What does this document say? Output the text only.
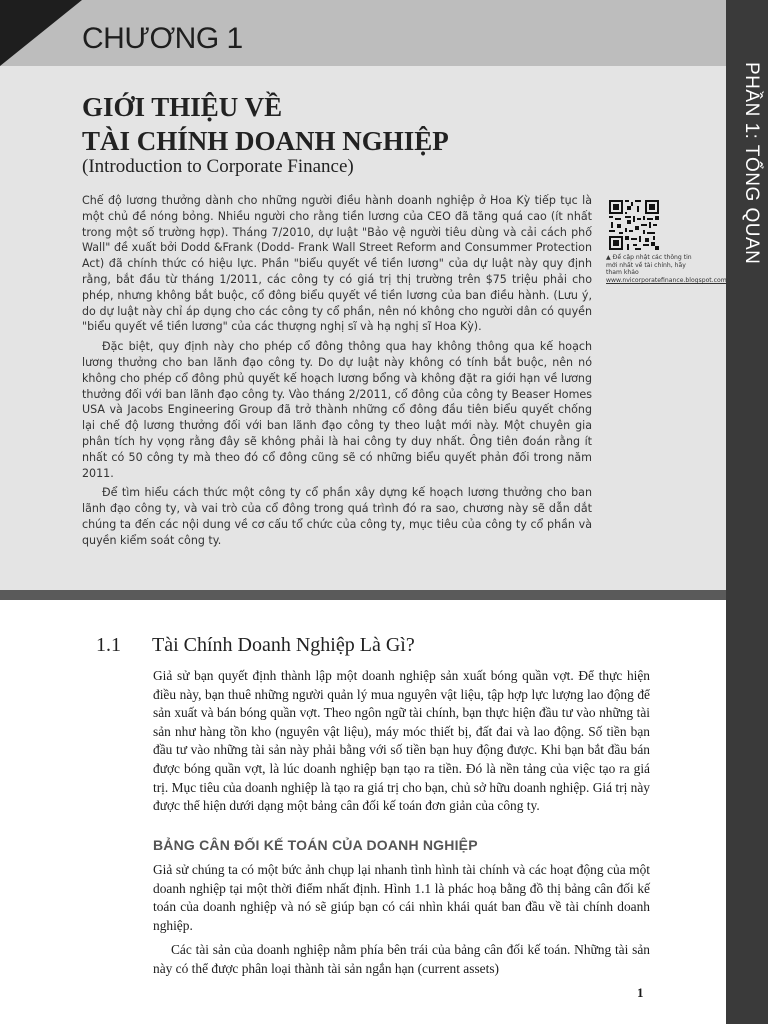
CHƯƠNG 1
PHẦN 1: TỔNG QUAN
GIỚI THIỆU VỀ
TÀI CHÍNH DOANH NGHIỆP
(Introduction to Corporate Finance)

Chế độ lương thưởng dành cho những người điều hành doanh nghiệp ở Hoa Kỳ tiếp tục là một chủ đề nóng bỏng. Nhiều người cho rằng tiền lương của CEO đã tăng quá cao (ít nhất trong một số trường hợp). Tháng 7/2010, dự luật "Bảo vệ người tiêu dùng và cải cách phố Wall" đề xuất bởi Dodd &Frank (Dodd- Frank Wall Street Reform and Consummer Protection Act) đã chính thức có hiệu lực. Phần "biểu quyết về tiền lương" của dự luật này quy định rằng, bắt đầu từ tháng 1/2011, các công ty có giá trị thị trường trên $75 triệu phải cho phép, nhưng không bắt buộc, cổ đông biểu quyết về tiền lương của ban điều hành. (Lưu ý, do dự luật này chỉ áp dụng cho các công ty cổ phần, nên nó không cho người dân có quyền "biểu quyết về tiền lương" của các thượng nghị sĩ và hạ nghị sĩ Hoa Kỳ).

Đặc biệt, quy định này cho phép cổ đông thông qua hay không thông qua kế hoạch lương thưởng cho ban lãnh đạo công ty. Do dự luật này không có tính bắt buộc, nên nó không cho phép cổ đông phủ quyết kế hoạch lương bổng và không đặt ra giới hạn về lương thưởng đối với ban lãnh đạo công ty. Vào tháng 2/2011, cổ đông của công ty Beaser Homes USA và Jacobs Engineering Group đã trở thành những cổ đông đầu tiên biểu quyết chống lại chế độ lương thưởng đối với ban lãnh đạo công ty theo luật mới này. Một chuyên gia phân tích hy vọng rằng đây sẽ không phải là hai công ty duy nhất. Ông tiên đoán rằng ít nhất có 50 công ty mà theo đó cổ đông cũng sẽ có những biểu quyết phản đối trong năm 2011.

Để tìm hiểu cách thức một công ty cổ phần xây dựng kế hoạch lương thưởng cho ban lãnh đạo công ty, và vai trò của cổ đông trong quá trình đó ra sao, chương này sẽ dẫn dắt chúng ta đến các nội dung về cơ cấu tổ chức của công ty, mục tiêu của công ty cổ phần và quyền kiểm soát công ty.

▲ Để cập nhật các thông tin mới nhất về tài chính, hãy tham khảo www.nvicorporatefinance.blogspot.com
1.1	Tài Chính Doanh Nghiệp Là Gì?

Giả sử bạn quyết định thành lập một doanh nghiệp sản xuất bóng quần vợt. Để thực hiện điều này, bạn thuê những người quản lý mua nguyên vật liệu, tập hợp lực lượng lao động để sản xuất và bán bóng quần vợt. Theo ngôn ngữ tài chính, bạn thực hiện đầu tư vào những tài sản như hàng tồn kho (nguyên vật liệu), máy móc thiết bị, đất đai và lao động. Số tiền bạn đầu tư vào những tài sản này phải bằng với số tiền bạn huy động được. Khi bạn bắt đầu bán được bóng quần vợt, là lúc doanh nghiệp bạn tạo ra tiền. Đó là nền tảng của việc tạo ra giá trị. Mục tiêu của doanh nghiệp là tạo ra giá trị cho bạn, chủ sở hữu doanh nghiệp. Giá trị này được thể hiện dưới dạng một bảng cân đối kế toán đơn giản của công ty.

BẢNG CÂN ĐỐI KẾ TOÁN CỦA DOANH NGHIỆP

Giả sử chúng ta có một bức ảnh chụp lại nhanh tình hình tài chính và các hoạt động của một doanh nghiệp tại một thời điểm nhất định. Hình 1.1 là phác hoạ bằng đồ thị bảng cân đối kế toán của doanh nghiệp và nó sẽ giúp bạn có cái nhìn khái quát ban đầu về tài chính doanh nghiệp.

Các tài sản của doanh nghiệp nằm phía bên trái của bảng cân đối kế toán. Những tài sản này có thể được phân loại thành tài sản ngắn hạn (current assets)

1
